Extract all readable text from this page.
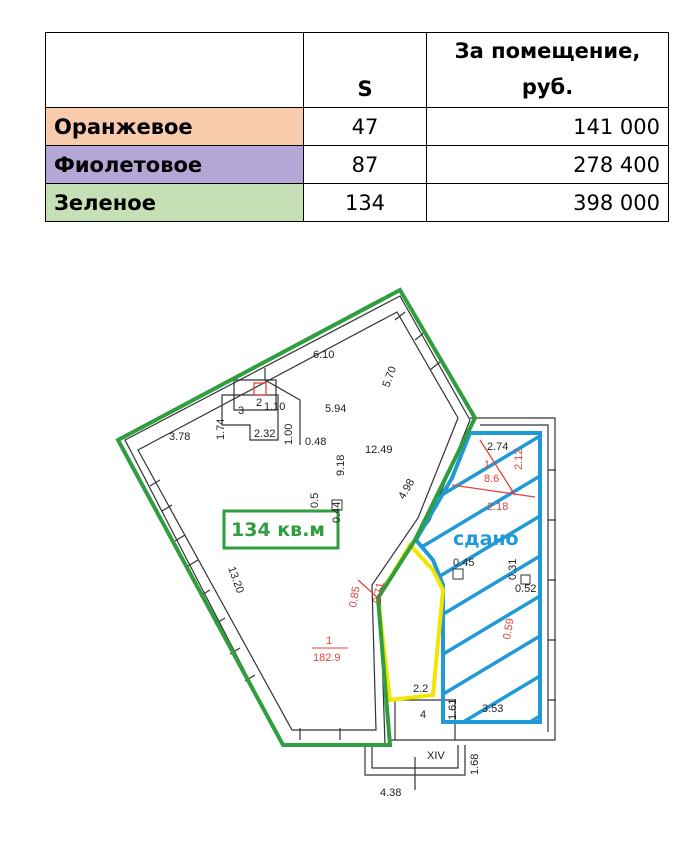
	S	За помещение,
руб.
Оранжевое	47	141 000
Фиолетовое	87	278 400
Зеленое	134	398 000
134 кв.м	сдано
1
182.9
6.10
5.70
5.94
3.78 1.74 2.32 1.00 0.48
9.18
12.49
4.98
13.20
2.74
2.12
2.18
1
8.6
0.45	0.31
0.52
0.59
2.2
4 1.61 3.53
1.68
4.38
0.5
0.44
0.85 0.71
1.10
3
2
XIV
